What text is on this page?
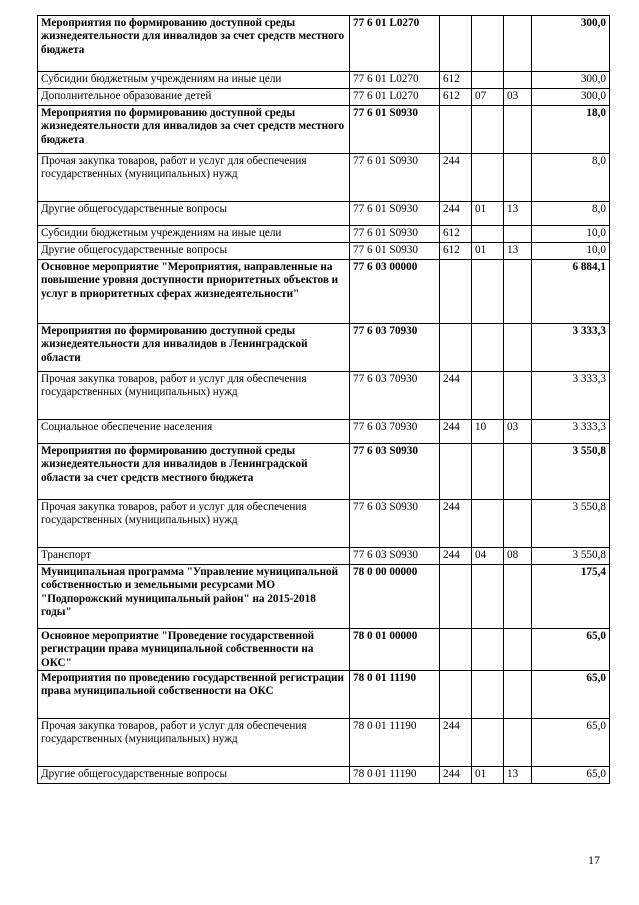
Мероприятия по формированию доступной среды жизнедеятельности для инвалидов за счет средств местного бюджета	77 6 01 L0270				300,0
Субсидии бюджетным учреждениям на иные цели	77 6 01 L0270	612			300,0
Дополнительное образование детей	77 6 01 L0270	612	07	03	300,0
Мероприятия по формированию доступной среды жизнедеятельности для инвалидов за счет средств местного бюджета	77 6 01 S0930				18,0
Прочая закупка товаров, работ и услуг для обеспечения государственных (муниципальных) нужд	77 6 01 S0930	244			8,0
Другие общегосударственные вопросы	77 6 01 S0930	244	01	13	8,0
Субсидии бюджетным учреждениям на иные цели	77 6 01 S0930	612			10,0
Другие общегосударственные вопросы	77 6 01 S0930	612	01	13	10,0
Основное мероприятие "Мероприятия, направленные на повышение уровня доступности приоритетных объектов и услуг в приоритетных сферах жизнедеятельности"	77 6 03 00000				6 884,1
Мероприятия по формированию доступной среды жизнедеятельности для инвалидов в Ленинградской области	77 6 03 70930				3 333,3
Прочая закупка товаров, работ и услуг для обеспечения государственных (муниципальных) нужд	77 6 03 70930	244			3 333,3
Социальное обеспечение населения	77 6 03 70930	244	10	03	3 333,3
Мероприятия по формированию доступной среды жизнедеятельности для инвалидов в Ленинградской области за счет средств местного бюджета	77 6 03 S0930				3 550,8
Прочая закупка товаров, работ и услуг для обеспечения государственных (муниципальных) нужд	77 6 03 S0930	244			3 550,8
Транспорт	77 6 03 S0930	244	04	08	3 550,8
Муниципальная программа "Управление муниципальной собственностью и земельными ресурсами МО "Подпорожский муниципальный район" на 2015-2018 годы"	78 0 00 00000				175,4
Основное мероприятие "Проведение государственной регистрации права муниципальной собственности на ОКС"	78 0 01 00000				65,0
Мероприятия по проведению государственной регистрации права муниципальной собственности на ОКС	78 0 01 11190				65,0
Прочая закупка товаров, работ и услуг для обеспечения государственных (муниципальных) нужд	78 0 01 11190	244			65,0
Другие общегосударственные вопросы	78 0 01 11190	244	01	13	65,0
17
